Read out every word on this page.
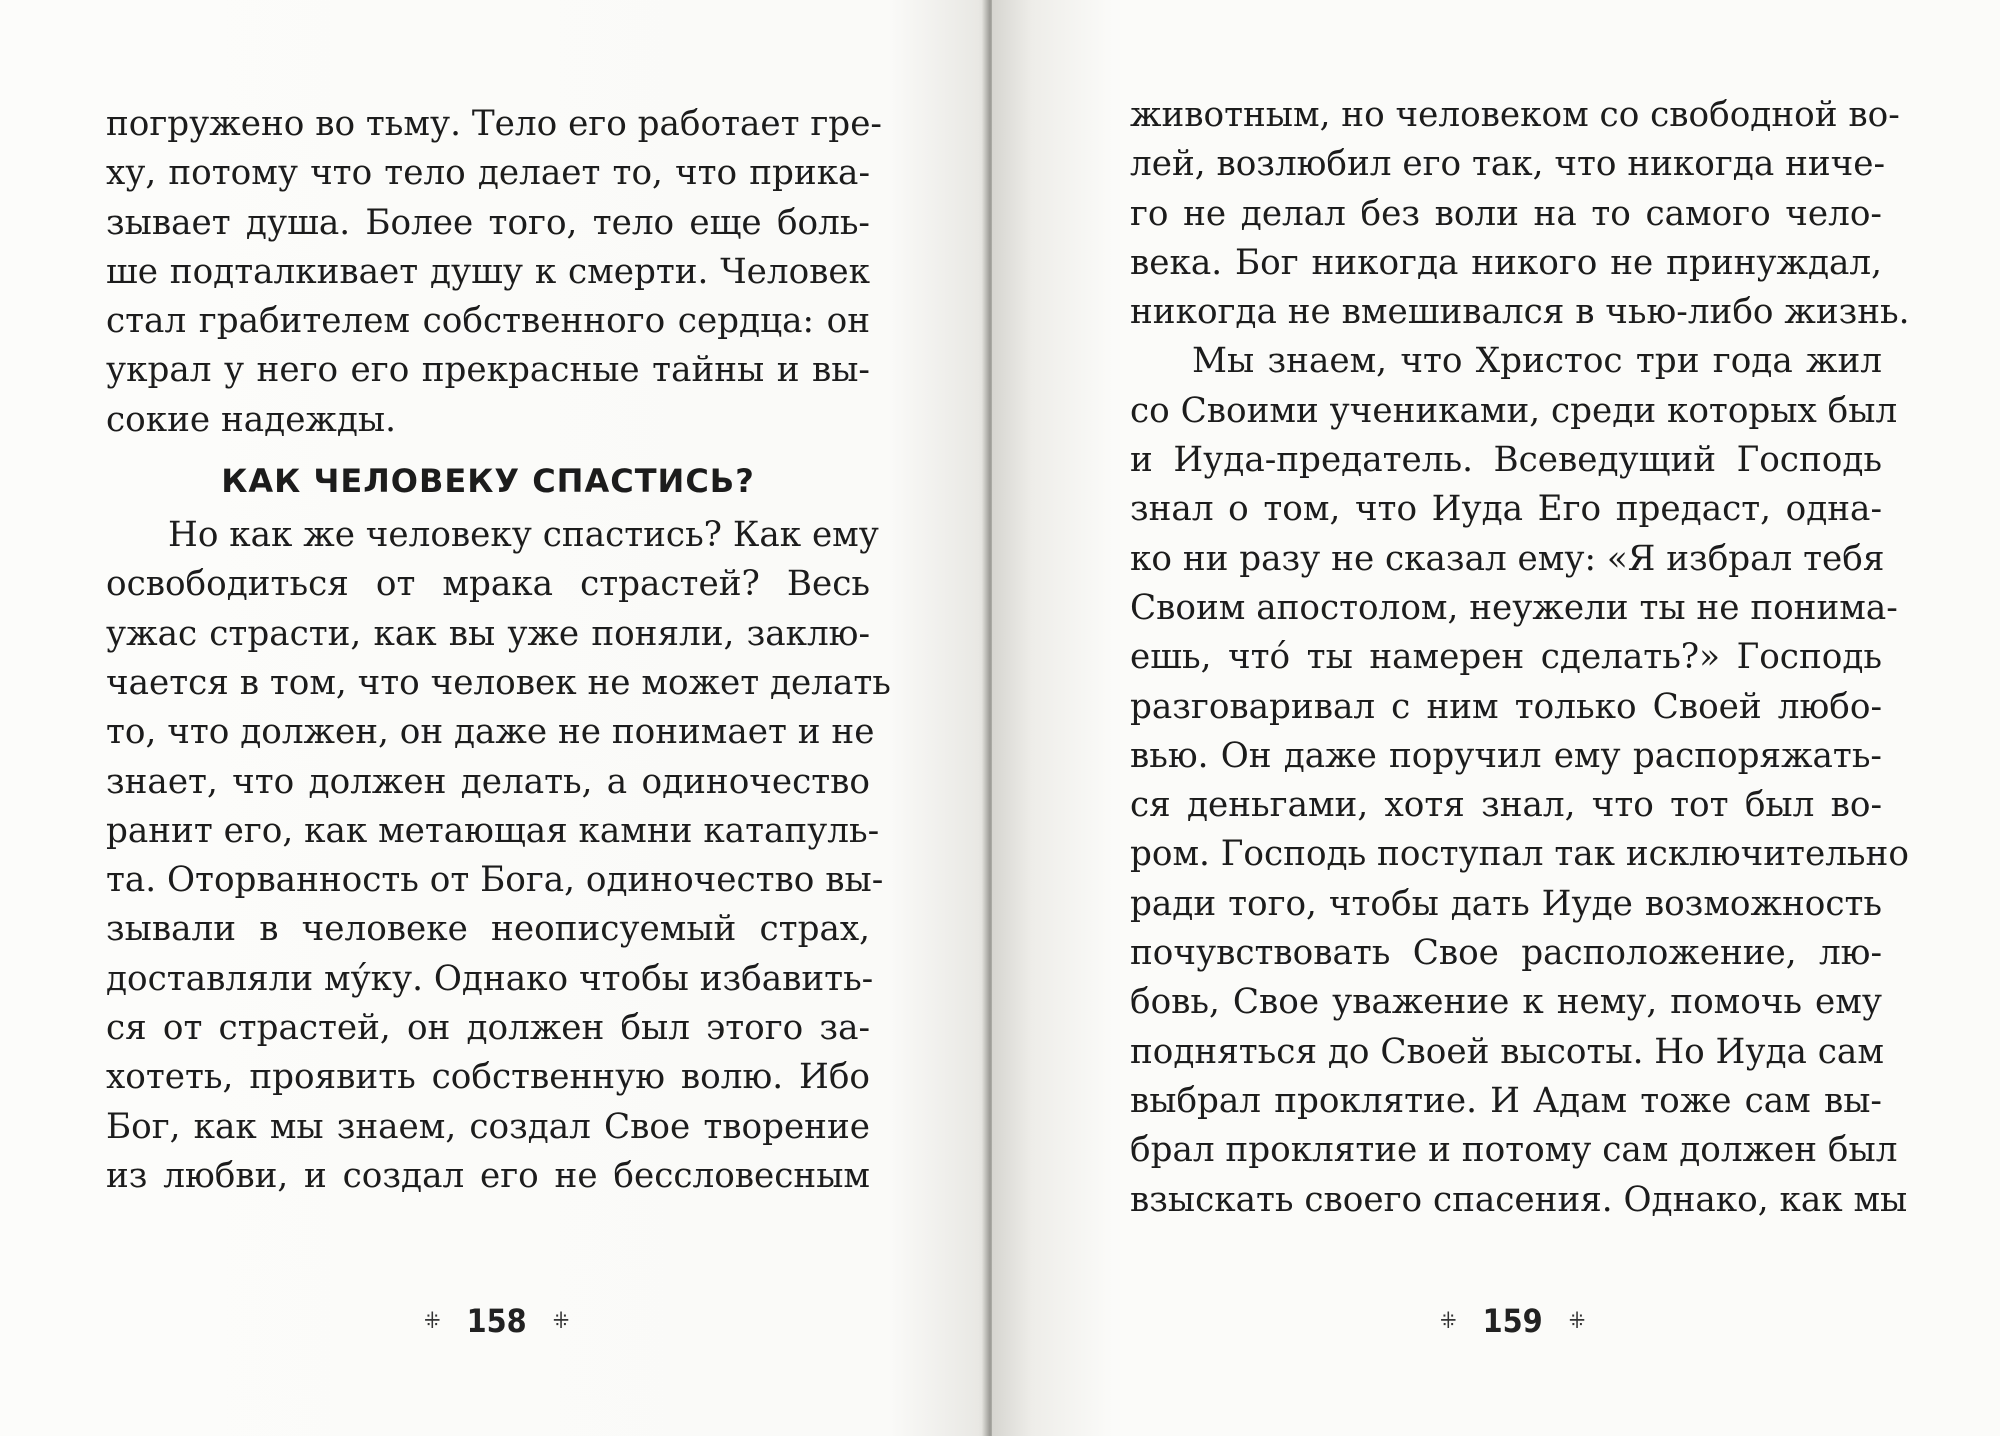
погружено во тьму. Тело его работает гре-
ху, потому что тело делает то, что прика-
зывает душа. Более того, тело еще боль-
ше подталкивает душу к смерти. Человек
стал грабителем собственного сердца: он
украл у него его прекрасные тайны и вы-
сокие надежды.

КАК ЧЕЛОВЕКУ СПАСТИСЬ?

Но как же человеку спастись? Как ему
освободиться от мрака страстей? Весь
ужас страсти, как вы уже поняли, заклю-
чается в том, что человек не может делать
то, что должен, он даже не понимает и не
знает, что должен делать, а одиночество
ранит его, как метающая камни катапуль-
та. Оторванность от Бога, одиночество вы-
зывали в человеке неописуемый страх,
доставляли му́ку. Однако чтобы избавить-
ся от страстей, он должен был этого за-
хотеть, проявить собственную волю. Ибо
Бог, как мы знаем, создал Свое творение
из любви, и создал его не бессловесным

⁜ 158 ⁜

животным, но человеком со свободной во-
лей, возлюбил его так, что никогда ниче-
го не делал без воли на то самого чело-
века. Бог никогда никого не принуждал,
никогда не вмешивался в чью-либо жизнь.

Мы знаем, что Христос три года жил
со Своими учениками, среди которых был
и Иуда-предатель. Всеведущий Господь
знал о том, что Иуда Его предаст, одна-
ко ни разу не сказал ему: «Я избрал тебя
Своим апостолом, неужели ты не понима-
ешь, что́ ты намерен сделать?» Господь
разговаривал с ним только Своей любо-
вью. Он даже поручил ему распоряжать-
ся деньгами, хотя знал, что тот был во-
ром. Господь поступал так исключительно
ради того, чтобы дать Иуде возможность
почувствовать Свое расположение, лю-
бовь, Свое уважение к нему, помочь ему
подняться до Своей высоты. Но Иуда сам
выбрал проклятие. И Адам тоже сам вы-
брал проклятие и потому сам должен был
взыскать своего спасения. Однако, как мы

⁜ 159 ⁜
